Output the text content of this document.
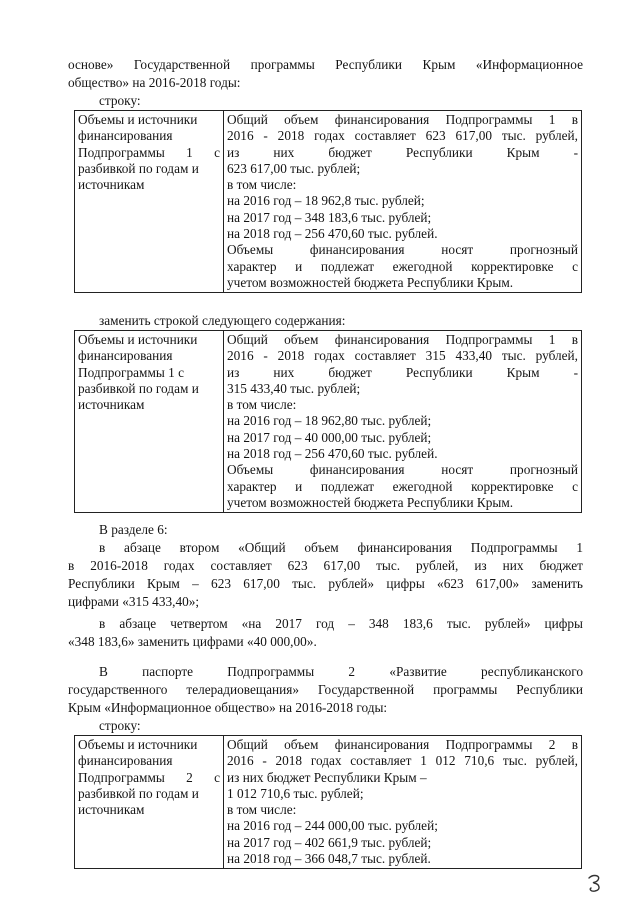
основе» Государственной программы Республики Крым «Информационное
общество» на 2016-2018 годы:
строку:
Объемы и источники
финансирования
Подпрограммы 1 с
разбивкой по годам и
источникам

Общий объем финансирования Подпрограммы 1 в
2016 - 2018 годах составляет 623 617,00 тыс. рублей,
из них бюджет Республики Крым -
623 617,00 тыс. рублей;
в том числе:
на 2016 год – 18 962,8 тыс. рублей;
на 2017 год – 348 183,6 тыс. рублей;
на 2018 год – 256 470,60 тыс. рублей.
Объемы финансирования носят прогнозный
характер и подлежат ежегодной корректировке с
учетом возможностей бюджета Республики Крым.
заменить строкой следующего содержания:
Объемы и источники
финансирования
Подпрограммы 1 с
разбивкой по годам и
источникам

Общий объем финансирования Подпрограммы 1 в
2016 - 2018 годах составляет 315 433,40 тыс. рублей,
из них бюджет Республики Крым -
315 433,40 тыс. рублей;
в том числе:
на 2016 год – 18 962,80 тыс. рублей;
на 2017 год – 40 000,00 тыс. рублей;
на 2018 год – 256 470,60 тыс. рублей.
Объемы финансирования носят прогнозный
характер и подлежат ежегодной корректировке с
учетом возможностей бюджета Республики Крым.
В разделе 6:
в абзаце втором «Общий объем финансирования Подпрограммы 1
в 2016-2018 годах составляет 623 617,00 тыс. рублей, из них бюджет
Республики Крым – 623 617,00 тыс. рублей» цифры «623 617,00» заменить
цифрами «315 433,40»;
в абзаце четвертом «на 2017 год – 348 183,6 тыс. рублей» цифры
«348 183,6» заменить цифрами «40 000,00».
В паспорте Подпрограммы 2 «Развитие республиканского
государственного телерадиовещания» Государственной программы Республики
Крым «Информационное общество» на 2016-2018 годы:
строку:
Объемы и источники
финансирования
Подпрограммы 2 с
разбивкой по годам и
источникам

Общий объем финансирования Подпрограммы 2 в
2016 - 2018 годах составляет 1 012 710,6 тыс. рублей,
из них бюджет Республики Крым –
1 012 710,6 тыс. рублей;
в том числе:
на 2016 год – 244 000,00 тыс. рублей;
на 2017 год – 402 661,9 тыс. рублей;
на 2018 год – 366 048,7 тыс. рублей.
